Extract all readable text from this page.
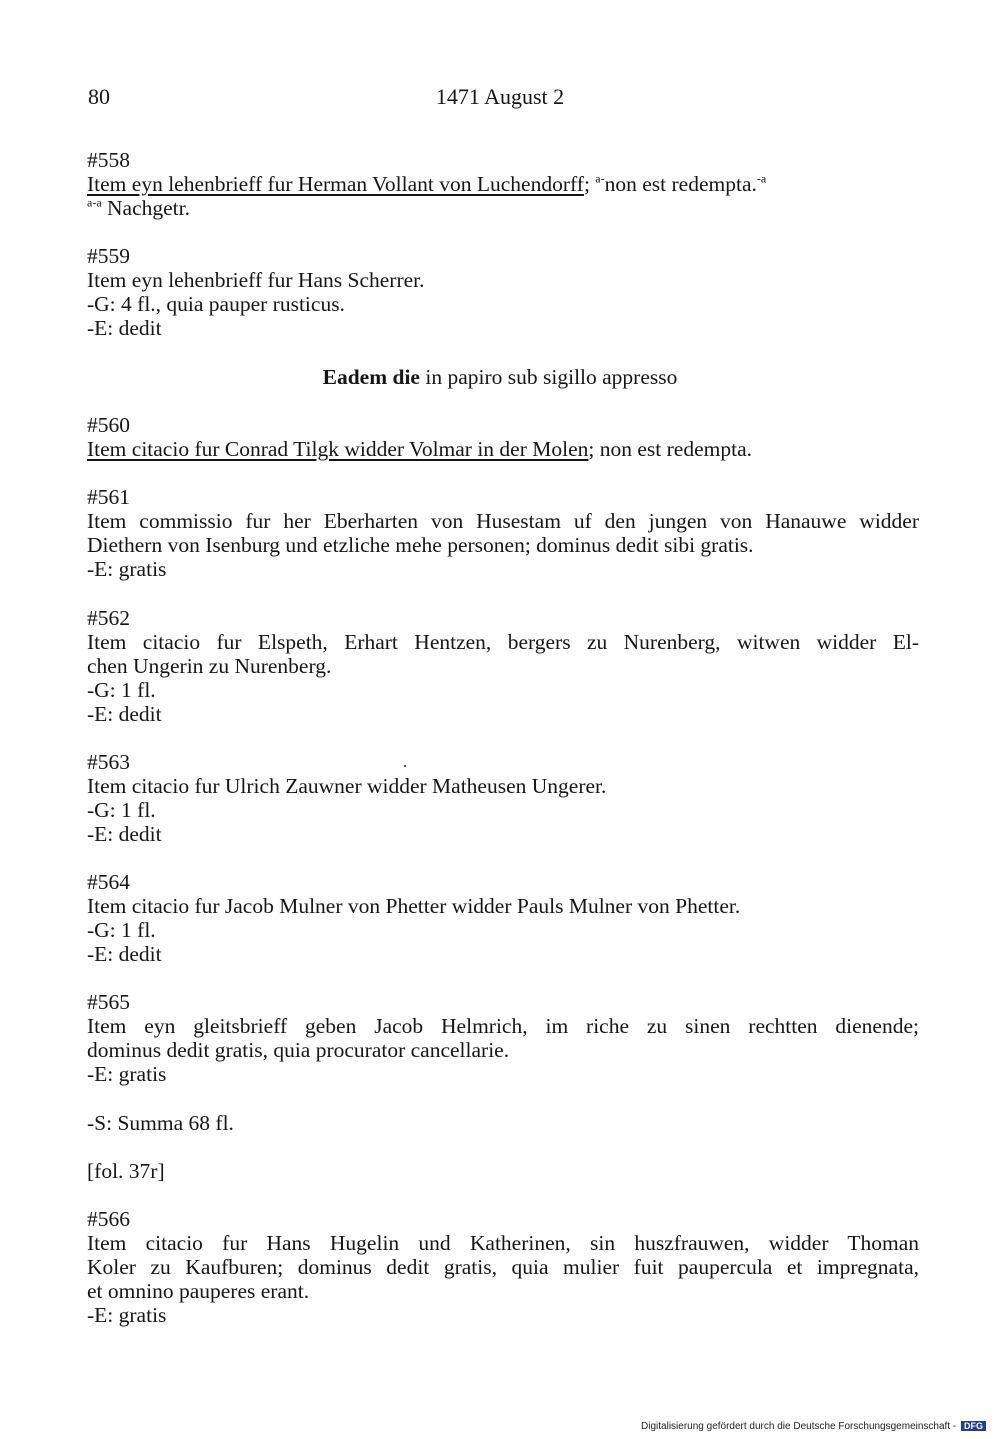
80	1471 August 2
#558
Item eyn lehenbrieff fur Herman Vollant von Luchendorff; $^{a-}$non est redempta.$^{-a}$
$^{a-a}$ Nachgetr.
#559
Item eyn lehenbrieff fur Hans Scherrer.
-G: 4 fl., quia pauper rusticus.
-E: dedit
Eadem die in papiro sub sigillo appresso
#560
Item citacio fur Conrad Tilgk widder Volmar in der Molen; non est redempta.
#561
Item commissio fur her Eberharten von Husestam uf den jungen von Hanauwe widder
Diethern von Isenburg und etzliche mehe personen; dominus dedit sibi gratis.
-E: gratis
#562
Item citacio fur Elspeth, Erhart Hentzen, bergers zu Nurenberg, witwen widder El-
chen Ungerin zu Nurenberg.
-G: 1 fl.
-E: dedit
#563
Item citacio fur Ulrich Zauwner widder Matheusen Ungerer.
-G: 1 fl.
-E: dedit
#564
Item citacio fur Jacob Mulner von Phetter widder Pauls Mulner von Phetter.
-G: 1 fl.
-E: dedit
#565
Item eyn gleitsbrieff geben Jacob Helmrich, im riche zu sinen rechtten dienende;
dominus dedit gratis, quia procurator cancellarie.
-E: gratis
-S: Summa 68 fl.
[fol. 37r]
#566
Item citacio fur Hans Hugelin und Katherinen, sin huszfrauwen, widder Thoman
Koler zu Kaufburen; dominus dedit gratis, quia mulier fuit paupercula et impregnata,
et omnino pauperes erant.
-E: gratis
Digitalisierung gefördert durch die Deutsche Forschungsgemeinschaft - DFG
